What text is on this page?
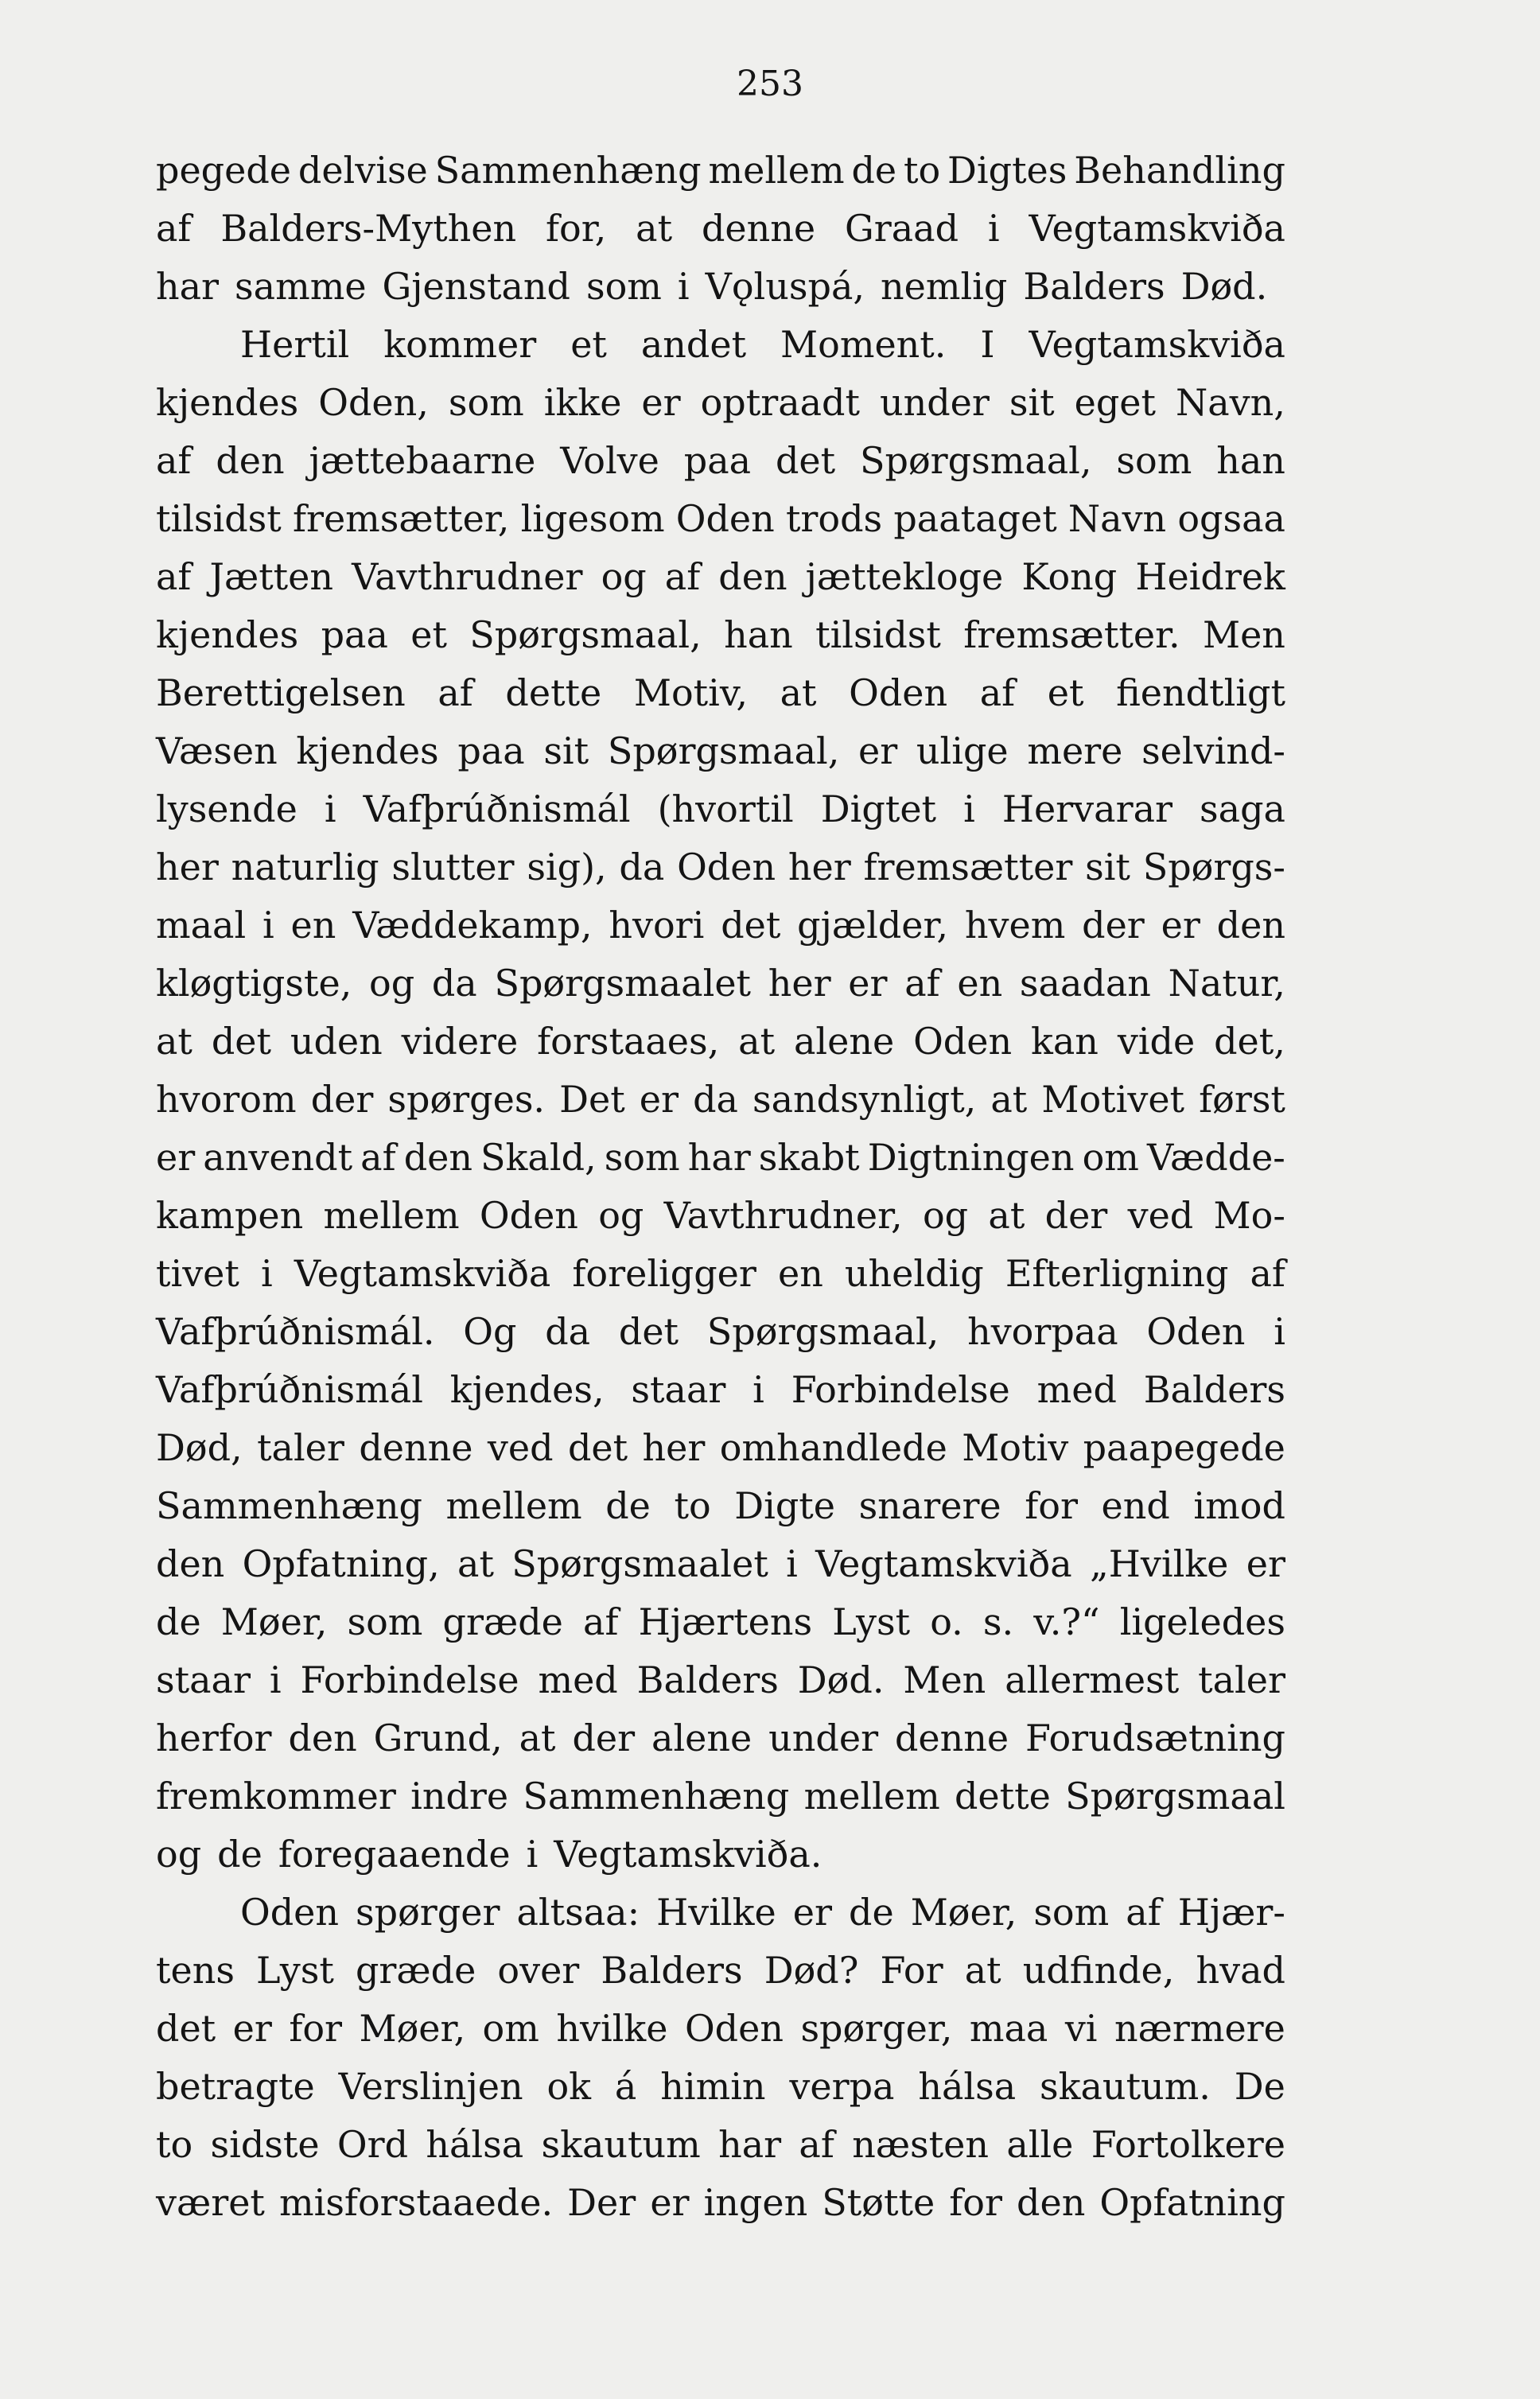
253
pegede delvise Sammenhæng mellem de to Digtes Behandling
af Balders-Mythen for, at denne Graad i Vegtamskviða
har samme Gjenstand som i Vǫluspá, nemlig Balders Død.
Hertil kommer et andet Moment. I Vegtamskviða
kjendes Oden, som ikke er optraadt under sit eget Navn,
af den jættebaarne Volve paa det Spørgsmaal, som han
tilsidst fremsætter, ligesom Oden trods paataget Navn ogsaa
af Jætten Vavthrudner og af den jættekloge Kong Heidrek
kjendes paa et Spørgsmaal, han tilsidst fremsætter. Men
Berettigelsen af dette Motiv, at Oden af et fiendtligt
Væsen kjendes paa sit Spørgsmaal, er ulige mere selvind-
lysende i Vafþrúðnismál (hvortil Digtet i Hervarar saga
her naturlig slutter sig), da Oden her fremsætter sit Spørgs-
maal i en Væddekamp, hvori det gjælder, hvem der er den
kløgtigste, og da Spørgsmaalet her er af en saadan Natur,
at det uden videre forstaaes, at alene Oden kan vide det,
hvorom der spørges. Det er da sandsynligt, at Motivet først
er anvendt af den Skald, som har skabt Digtningen om Vædde-
kampen mellem Oden og Vavthrudner, og at der ved Mo-
tivet i Vegtamskviða foreligger en uheldig Efterligning af
Vafþrúðnismál. Og da det Spørgsmaal, hvorpaa Oden i
Vafþrúðnismál kjendes, staar i Forbindelse med Balders
Død, taler denne ved det her omhandlede Motiv paapegede
Sammenhæng mellem de to Digte snarere for end imod
den Opfatning, at Spørgsmaalet i Vegtamskviða „Hvilke er
de Møer, som græde af Hjærtens Lyst o. s. v.?“ ligeledes
staar i Forbindelse med Balders Død. Men allermest taler
herfor den Grund, at der alene under denne Forudsætning
fremkommer indre Sammenhæng mellem dette Spørgsmaal
og de foregaaende i Vegtamskviða.
Oden spørger altsaa: Hvilke er de Møer, som af Hjær-
tens Lyst græde over Balders Død? For at udfinde, hvad
det er for Møer, om hvilke Oden spørger, maa vi nærmere
betragte Verslinjen ok á himin verpa hálsa skautum. De
to sidste Ord hálsa skautum har af næsten alle Fortolkere
været misforstaaede. Der er ingen Støtte for den Opfatning
